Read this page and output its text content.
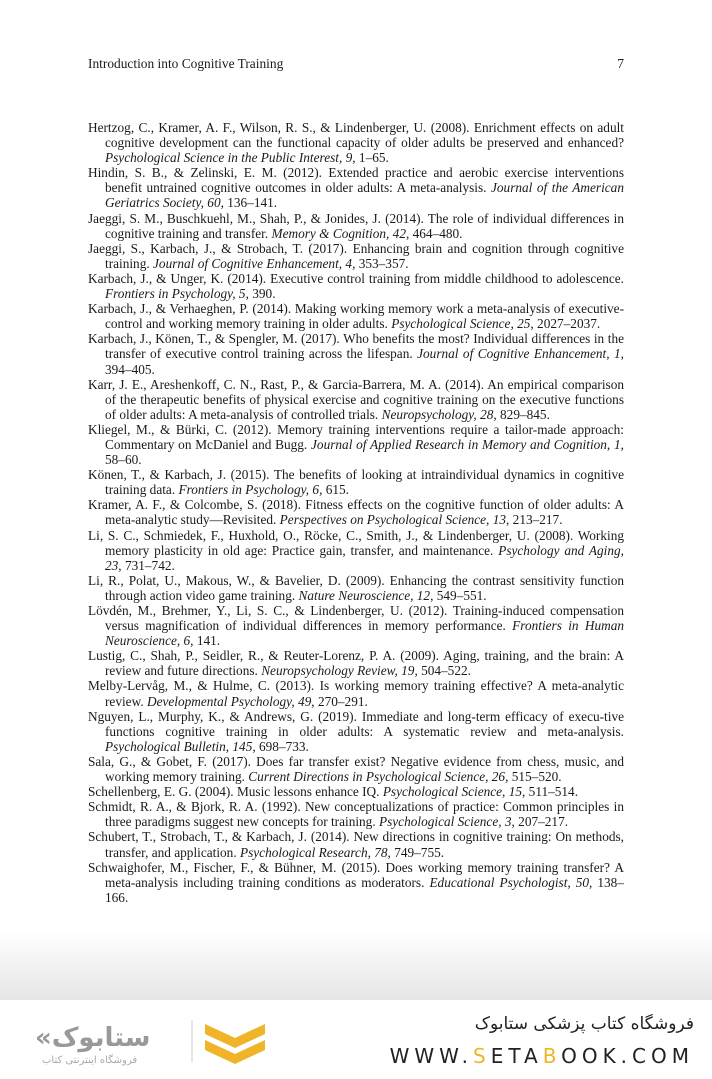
Introduction into Cognitive Training	7

Hertzog, C., Kramer, A. F., Wilson, R. S., & Lindenberger, U. (2008). Enrichment effects on adult cognitive development can the functional capacity of older adults be preserved and enhanced? Psychological Science in the Public Interest, 9, 1–65.

Hindin, S. B., & Zelinski, E. M. (2012). Extended practice and aerobic exercise interventions benefit untrained cognitive outcomes in older adults: A meta-analysis. Journal of the American Geriatrics Society, 60, 136–141.

Jaeggi, S. M., Buschkuehl, M., Shah, P., & Jonides, J. (2014). The role of individual differences in cognitive training and transfer. Memory & Cognition, 42, 464–480.

Jaeggi, S., Karbach, J., & Strobach, T. (2017). Enhancing brain and cognition through cognitive training. Journal of Cognitive Enhancement, 4, 353–357.

Karbach, J., & Unger, K. (2014). Executive control training from middle childhood to adolescence. Frontiers in Psychology, 5, 390.

Karbach, J., & Verhaeghen, P. (2014). Making working memory work a meta-analysis of executive-control and working memory training in older adults. Psychological Science, 25, 2027–2037.

Karbach, J., Könen, T., & Spengler, M. (2017). Who benefits the most? Individual differences in the transfer of executive control training across the lifespan. Journal of Cognitive Enhancement, 1, 394–405.

Karr, J. E., Areshenkoff, C. N., Rast, P., & Garcia-Barrera, M. A. (2014). An empirical comparison of the therapeutic benefits of physical exercise and cognitive training on the executive functions of older adults: A meta-analysis of controlled trials. Neuropsychology, 28, 829–845.

Kliegel, M., & Bürki, C. (2012). Memory training interventions require a tailor-made approach: Commentary on McDaniel and Bugg. Journal of Applied Research in Memory and Cognition, 1, 58–60.

Könen, T., & Karbach, J. (2015). The benefits of looking at intraindividual dynamics in cognitive training data. Frontiers in Psychology, 6, 615.

Kramer, A. F., & Colcombe, S. (2018). Fitness effects on the cognitive function of older adults: A meta-analytic study—Revisited. Perspectives on Psychological Science, 13, 213–217.

Li, S. C., Schmiedek, F., Huxhold, O., Röcke, C., Smith, J., & Lindenberger, U. (2008). Working memory plasticity in old age: Practice gain, transfer, and maintenance. Psychology and Aging, 23, 731–742.

Li, R., Polat, U., Makous, W., & Bavelier, D. (2009). Enhancing the contrast sensitivity function through action video game training. Nature Neuroscience, 12, 549–551.

Lövdén, M., Brehmer, Y., Li, S. C., & Lindenberger, U. (2012). Training-induced compensation versus magnification of individual differences in memory performance. Frontiers in Human Neuroscience, 6, 141.

Lustig, C., Shah, P., Seidler, R., & Reuter-Lorenz, P. A. (2009). Aging, training, and the brain: A review and future directions. Neuropsychology Review, 19, 504–522.

Melby-Lervåg, M., & Hulme, C. (2013). Is working memory training effective? A meta-analytic review. Developmental Psychology, 49, 270–291.

Nguyen, L., Murphy, K., & Andrews, G. (2019). Immediate and long-term efficacy of execu-tive functions cognitive training in older adults: A systematic review and meta-analysis. Psychological Bulletin, 145, 698–733.

Sala, G., & Gobet, F. (2017). Does far transfer exist? Negative evidence from chess, music, and working memory training. Current Directions in Psychological Science, 26, 515–520.

Schellenberg, E. G. (2004). Music lessons enhance IQ. Psychological Science, 15, 511–514.

Schmidt, R. A., & Bjork, R. A. (1992). New conceptualizations of practice: Common principles in three paradigms suggest new concepts for training. Psychological Science, 3, 207–217.

Schubert, T., Strobach, T., & Karbach, J. (2014). New directions in cognitive training: On methods, transfer, and application. Psychological Research, 78, 749–755.

Schwaighofer, M., Fischer, F., & Bühner, M. (2015). Does working memory training transfer? A meta-analysis including training conditions as moderators. Educational Psychologist, 50, 138–166.

«ستابوک
فروشگاه اینترنتی کتاب
فروشگاه کتاب پزشکی ستابوک
WWW.SETABOOK.COM
